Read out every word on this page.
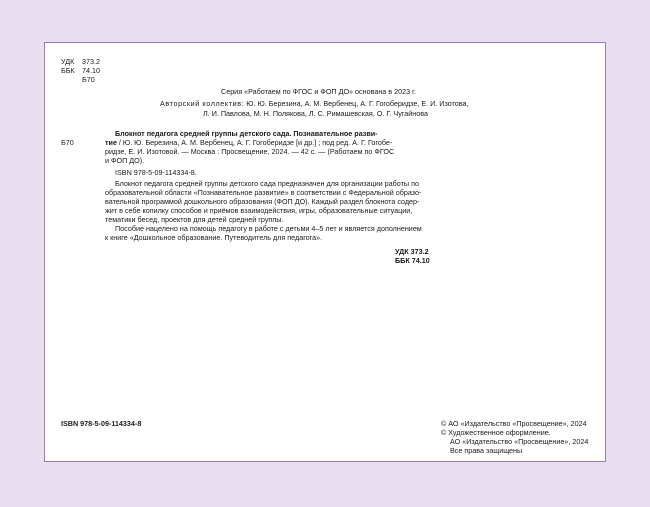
УДК	373.2
ББК	74.10
Б70
Серия «Работаем по ФГОС и ФОП ДО» основана в 2023 г.
Авторский коллектив: Ю. Ю. Березина, А. М. Вербенец, А. Г. Гогоберидзе, Е. И. Изотова,
Л. И. Павлова, М. Н. Полякова, Л. С. Римашевская, О. Г. Чугайнова
Блокнот педагога средней группы детского сада. Познавательное разви-
Б70	тие / Ю. Ю. Березина, А. М. Вербенец, А. Г. Гогоберидзе [и др.] ; под ред. А. Г. Гогобе-
ридзе, Е. И. Изотовой. — Москва : Просвещение, 2024. — 42 с. — (Работаем по ФГОС
и ФОП ДО).
ISBN 978-5-09-114334-8.
Блокнот педагога средней группы детского сада предназначен для организации работы по
образовательной области «Познавательное развитие» в соответствии с Федеральной образо-
вательной программой дошкольного образования (ФОП ДО). Каждый раздел блокнота содер-
жит в себе копилку способов и приёмов взаимодействия, игры, образовательные ситуации,
тематики бесед, проектов для детей средней группы.
Пособие нацелено на помощь педагогу в работе с детьми 4–5 лет и является дополнением
к книге «Дошкольное образование. Путеводитель для педагога».
УДК 373.2
ББК 74.10
ISBN 978-5-09-114334-8	© АО «Издательство «Просвещение», 2024
© Художественное оформление.
АО «Издательство «Просвещение», 2024
Все права защищены
